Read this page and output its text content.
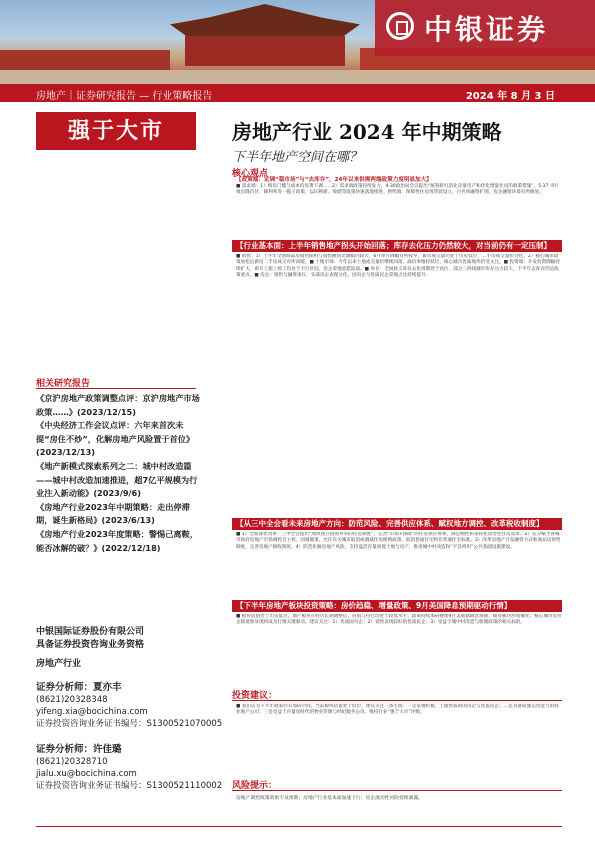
中银证券
房地产｜证券研究报告 — 行业策略报告	2024 年 8 月 3 日
强于大市	房地产行业 2024 年中期策略
下半年地产空间在哪？
核心观点
【政策端：定调“稳市场”与“去库存”，24年以来供需两端政策力度明显加大】
■ 需求端：1）购房门槛与成本均显著下调……2）需求端政策持续发力，4·30政治局会议提出“统筹研究消化存量房产和优化增量住房的政策措施”，5·17 央行推出降首付、降利率等一揽子政策，以旧换新、收储等政策快速落地推进。供给端：保障性住房再贷款设立，白名单融资扩围，房企融资环境有所修复。
【行业基本面：上半年销售地产拐头开始回落；库存去化压力仍然较大，对当前仍有一定压制】
■ 销售：1）上半年全国商品房销售面积与销售额同比降幅仍较大，6月单月降幅有所收窄，新房成交量仍处于历史低位，二手房成交量价分化。2）核心城市政策放松后新房二手房成交有所回暖。■ 土地市场：今年以来土地成交量价继续回落，溢价率维持低位，核心城市优质地块仍受关注。■ 投资端：开发投资降幅持续扩大，新开工施工竣工均处于下行区间，房企拿地意愿较弱。■ 库存：全国狭义库存去化周期处于高位，部分三四线城市库存压力较大，下半年去库存仍是政策重点。■ 房企：销售与融资承压，头部房企表现分化，国央企与优质民企拿地占比持续提升。
【从三中全会看未来房地产方向：防范风险、完善供应体系、赋权地方调控、改革税收制度】
■ 1）全面深化改革：三中全会提出“加快建立租购并举的住房制度”，完善“市场+保障”的住房供应体系，满足刚性和多样化改善性住房需求。2）充分赋予各城市政府房地产市场调控自主权，因城施策，允许有关城市取消或调减住房限购政策、取消普通住宅和非普通住宅标准。3）改革房地产开发融资方式和商品房预售制度，完善房地产税收制度。4）防范化解房地产风险，支持盘活存量闲置土地与房产，推进城中村改造和“平急两用”公共基础设施建设。
【下半年房地产板块投资策略：房价趋稳、增量政策、9月美国降息预期驱动行情】
■ 板块估值处于历史低位，地产板块在经历长期调整后，估值与持仓均处于较低水平。政策持续加码叠加9月美联储降息预期，或对板块形成催化；核心城市房价企稳迹象显现将成为行情关键驱动。建议关注：1）优质国央企；2）销售表现较好的优质民企；3）受益于城中村改造与收储政策的相关标的。
投资建议：
■ 我们认为下半年政策仍有加码空间，当前板块估值处于低位，建议关注三条主线：一是拿地积极、土储优质的国央企与优质民企；二是具备较强运营能力的商业地产公司；三是受益于存量房时代的物业管理与经纪服务公司。维持行业“强于大市”评级。
风险提示：
房地产调控政策效果不及预期；房地产行业基本面加速下行；房企流动性风险持续暴露。
相关研究报告
《京沪房地产政策调整点评：京沪房地产市场政策……》(2023/12/15)
《中央经济工作会议点评：六年来首次未提“房住不炒”，化解房地产风险置于首位》(2023/12/13)
《地产新模式探索系列之二：城中村改造篇——城中村改造加速推进，超7亿平规模为行业注入新动能》(2023/9/6)
《房地产行业2023年中期策略：走出停滞期，诞生新格局》(2023/6/13)
《房地产行业2023年度策略：警惕己离鞍，能否冰解的破？》(2022/12/18)
中银国际证券股份有限公司
具备证券投资咨询业务资格
房地产行业
证券分析师：夏亦丰
(8621)20328348
yifeng.xia@bocichina.com
证券投资咨询业务证书编号：S1300521070005
证券分析师：许佳璐
(8621)20328710
jialu.xu@bocichina.com
证券投资咨询业务证书编号：S1300521110002
